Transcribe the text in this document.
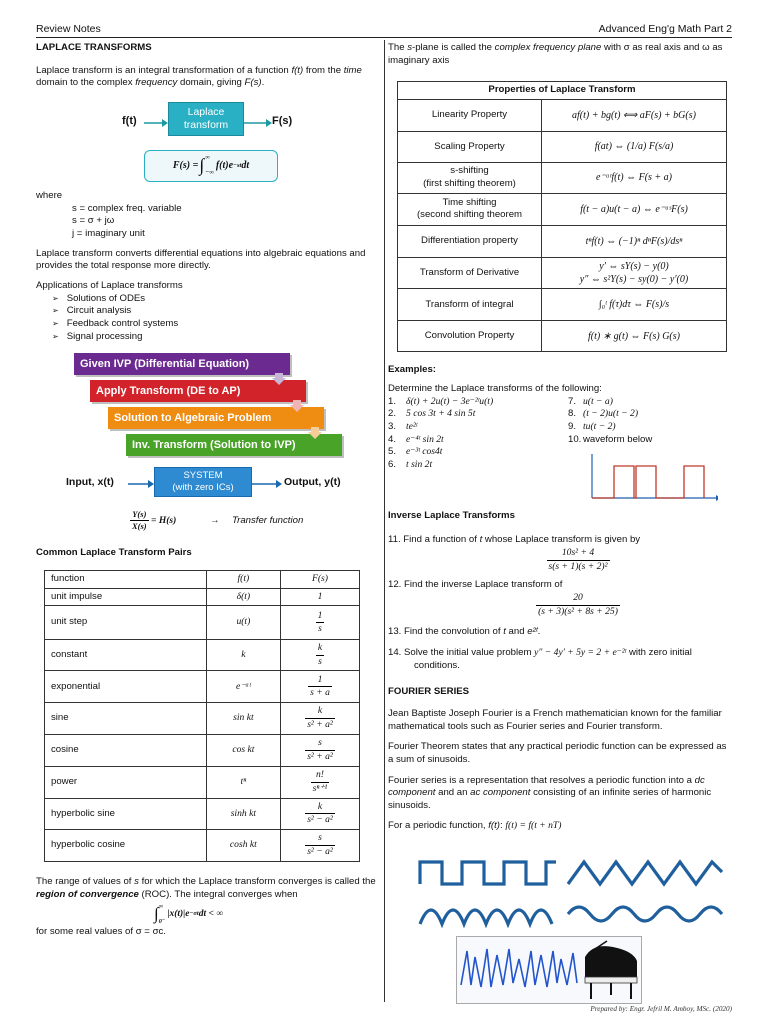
Review Notes	Advanced Eng'g Math Part 2
LAPLACE TRANSFORMS

Laplace transform is an integral transformation of a function f(t) from the time domain to the complex frequency domain, giving F(s).

f(t)
Laplace transform	F(s)
F(s) = ∫ ∞
−∞
f(t)e −st dt

where

s = complex freq. variable

s = σ + jω

j = imaginary unit

Laplace transform converts differential equations into algebraic equations and provides the total response more directly.

Applications of Laplace transforms

➢ Solutions of ODEs
➢ Circuit analysis
➢ Feedback control systems
➢ Signal processing
Given IVP (Differential Equation)
Apply Transform (DE to AP)
Solution to Algebraic Problem
Inv. Transform (Solution to IVP)
Input, x(t)
SYSTEM
(with zero ICs)	Output, y(t)
$\frac{Y(s)}{X(s)} = H(s)$	→ Transfer function
Common Laplace Transform Pairs
function	f(t)	F(s)
unit impulse	δ(t)	1
unit step	u(t)	$\frac{1}{s}$

constant	k	$\frac{k}{s}$

exponential	e⁻ᵃᵗ	$\frac{1}{s + a}$

sine	sin kt	$\frac{k}{\text{s² + a²}}$

cosine	cos kt	$\frac{s}{\text{s² + a²}}$

power	tⁿ	$\frac{n!}{\text{sⁿ⁺¹}}$

hyperbolic sine	sinh kt	$\frac{k}{\text{s² − a²}}$

hyperbolic cosine	cosh kt	$\frac{s}{\text{s² − a²}}$

The range of values of s for which the Laplace transform converges is called the region of convergence (ROC). The integral converges when

∫ ∞
0⁻
|x(t)|e −σt dt < ∞

for some real values of σ = σc.

The s-plane is called the complex frequency plane with σ as real axis and ω as imaginary axis

Properties of Laplace Transform	
Linearity Property	af(t) + bg(t) ⟺ aF(s) + bG(s)
Scaling Property	f(at) ⇔ (1/a) F(s/a)

s-shifting
(first shifting theorem)	e⁻ᵃᵗf(t) ⇔ F(s + a)

Time shifting
(second shifting theorem	f(t − a)u(t − a) ⇔ e⁻ᵃˢF(s)
Differentiation property	tⁿf(t) ⇔ (−1)ⁿ dⁿF(s)/dsⁿ
Transform of Derivative	y′ ⇔ sY(s) − y(0)
y″ ⇔ s²Y(s) − sy(0) − y′(0)

Transform of integral	∫₀ᵗ f(τ)dτ ⇔ F(s)/s
Convolution Property	f(t) ∗ g(t) ⇔ F(s) G(s)
Examples:

Determine the Laplace transforms of the following:

1. δ(t) + 2u(t) − 3e⁻²ᵗu(t)
2. 5 cos 3t + 4 sin 5t
3. te²ᵗ
4. e⁻⁴ᵗ sin 2t
5. e⁻³ᵗ cos4t
6. t sin 2t
7. u(t − a)
8. (t − 2)u(t − 2)
9. tu(t − 2)
10. waveform below
Inverse Laplace Transforms

11. Find a function of t whose Laplace transform is given by

$\frac{\text{10s² + 4}}{\text{s(s + 1)(s + 2)²}}$

12. Find the inverse Laplace transform of

$\frac{20}{\text{(s + 3)(s² + 8s + 25)}}$

13. Find the convolution of t and e²ᵗ.

14. Solve the initial value problem y″ − 4y′ + 5y = 2 + e⁻²ᵗ with zero initial conditions.

FOURIER SERIES

Jean Baptiste Joseph Fourier is a French mathematician known for the familiar mathematical tools such as Fourier series and Fourier transform.

Fourier Theorem states that any practical periodic function can be expressed as a sum of sinusoids.

Fourier series is a representation that resolves a periodic function into a dc component and an ac component consisting of an infinite series of harmonic sinusoids.

For a periodic function, f(t): f(t) = f(t + nT)

Prepared by: Engr. Jefril M. Amboy, MSc. (2020)
